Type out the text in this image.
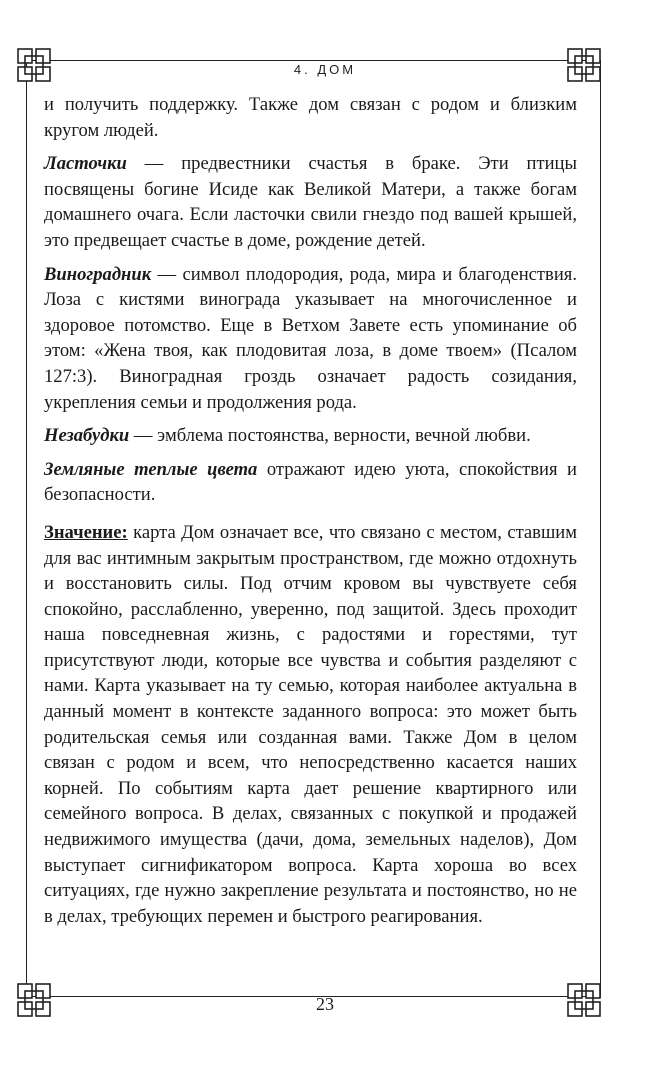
4. ДОМ

и получить поддержку. Также дом связан с родом и близким кругом людей.

Ласточки — предвестники счастья в браке. Эти птицы посвящены богине Исиде как Великой Матери, а также богам домашнего очага. Если ласточки свили гнездо под вашей крышей, это предвещает счастье в доме, рождение детей.

Виноградник — символ плодородия, рода, мира и благоденствия. Лоза с кистями винограда указывает на многочисленное и здоровое потомство. Еще в Ветхом Завете есть упоминание об этом: «Жена твоя, как плодовитая лоза, в доме твоем» (Псалом 127:3). Виноградная гроздь означает радость созидания, укрепления семьи и продолжения рода.

Незабудки — эмблема постоянства, верности, вечной любви.

Земляные теплые цвета отражают идею уюта, спокойствия и безопасности.

Значение: карта Дом означает все, что связано с местом, ставшим для вас интимным закрытым пространством, где можно отдохнуть и восстановить силы. Под отчим кровом вы чувствуете себя спокойно, расслабленно, уверенно, под защитой. Здесь проходит наша повседневная жизнь, с радостями и горестями, тут присутствуют люди, которые все чувства и события разделяют с нами. Карта указывает на ту семью, которая наиболее актуальна в данный момент в контексте заданного вопроса: это может быть родительская семья или созданная вами. Также Дом в целом связан с родом и всем, что непосредственно касается наших корней. По событиям карта дает решение квартирного или семейного вопроса. В делах, связанных с покупкой и продажей недвижимого имущества (дачи, дома, земельных наделов), Дом выступает сигнификатором вопроса. Карта хороша во всех ситуациях, где нужно закрепление результата и постоянство, но не в делах, требующих перемен и быстрого реагирования.

23
